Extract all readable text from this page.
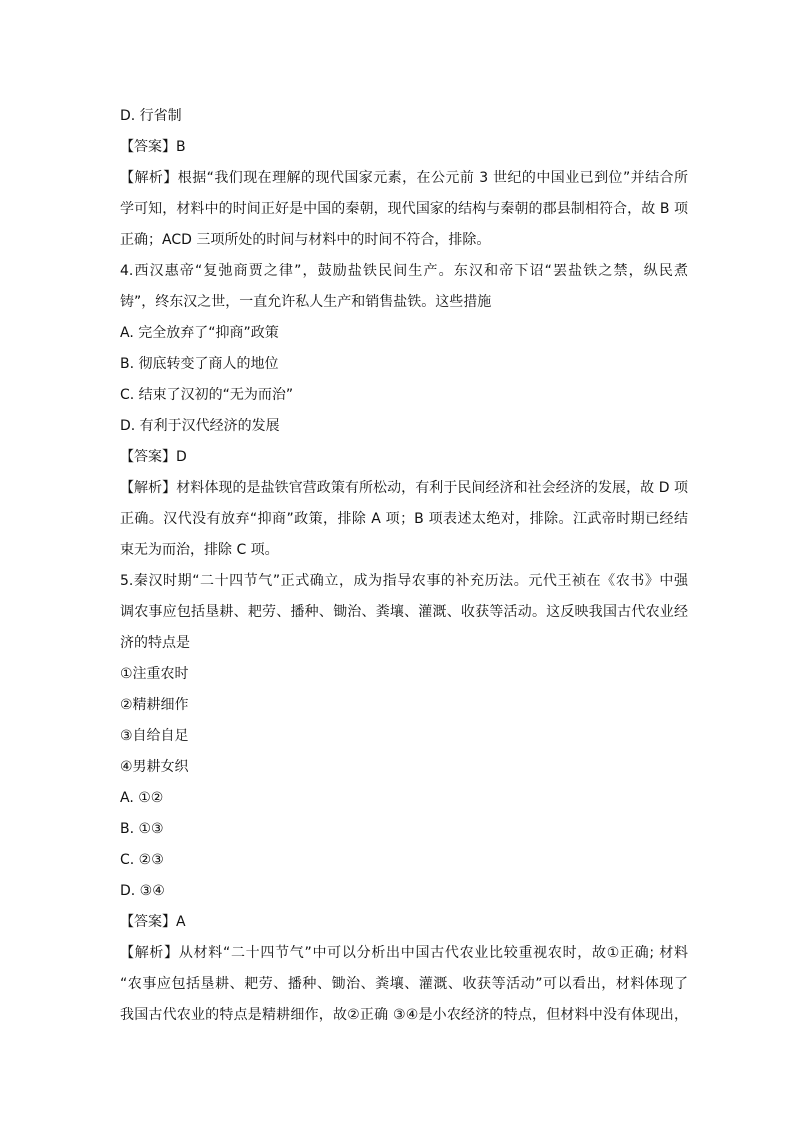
D. 行省制
【答案】B
【解析】根据“我们现在理解的现代国家元素，在公元前 3 世纪的中国业已到位”并结合所
学可知，材料中的时间正好是中国的秦朝，现代国家的结构与秦朝的郡县制相符合，故 B 项
正确；ACD 三项所处的时间与材料中的时间不符合，排除。
4.西汉惠帝“复弛商贾之律”，鼓励盐铁民间生产。东汉和帝下诏“罢盐铁之禁，纵民煮
铸”，终东汉之世，一直允许私人生产和销售盐铁。这些措施
A. 完全放弃了“抑商”政策
B. 彻底转变了商人的地位
C. 结束了汉初的“无为而治”
D. 有利于汉代经济的发展
【答案】D
【解析】材料体现的是盐铁官营政策有所松动，有利于民间经济和社会经济的发展，故 D 项
正确。汉代没有放弃“抑商”政策，排除 A 项；B 项表述太绝对，排除。江武帝时期已经结
束无为而治，排除 C 项。
5.秦汉时期“二十四节气”正式确立，成为指导农事的补充历法。元代王祯在《农书》中强
调农事应包括垦耕、耙劳、播种、锄治、粪壤、灌溉、收获等活动。这反映我国古代农业经
济的特点是
①注重农时
②精耕细作
③自给自足
④男耕女织
A. ①②
B. ①③
C. ②③
D. ③④
【答案】A
【解析】从材料“二十四节气”中可以分析出中国古代农业比较重视农时，故①正确; 材料
“农事应包括垦耕、耙劳、播种、锄治、粪壤、灌溉、收获等活动”可以看出，材料体现了
我国古代农业的特点是精耕细作，故②正确 ③④是小农经济的特点，但材料中没有体现出，
